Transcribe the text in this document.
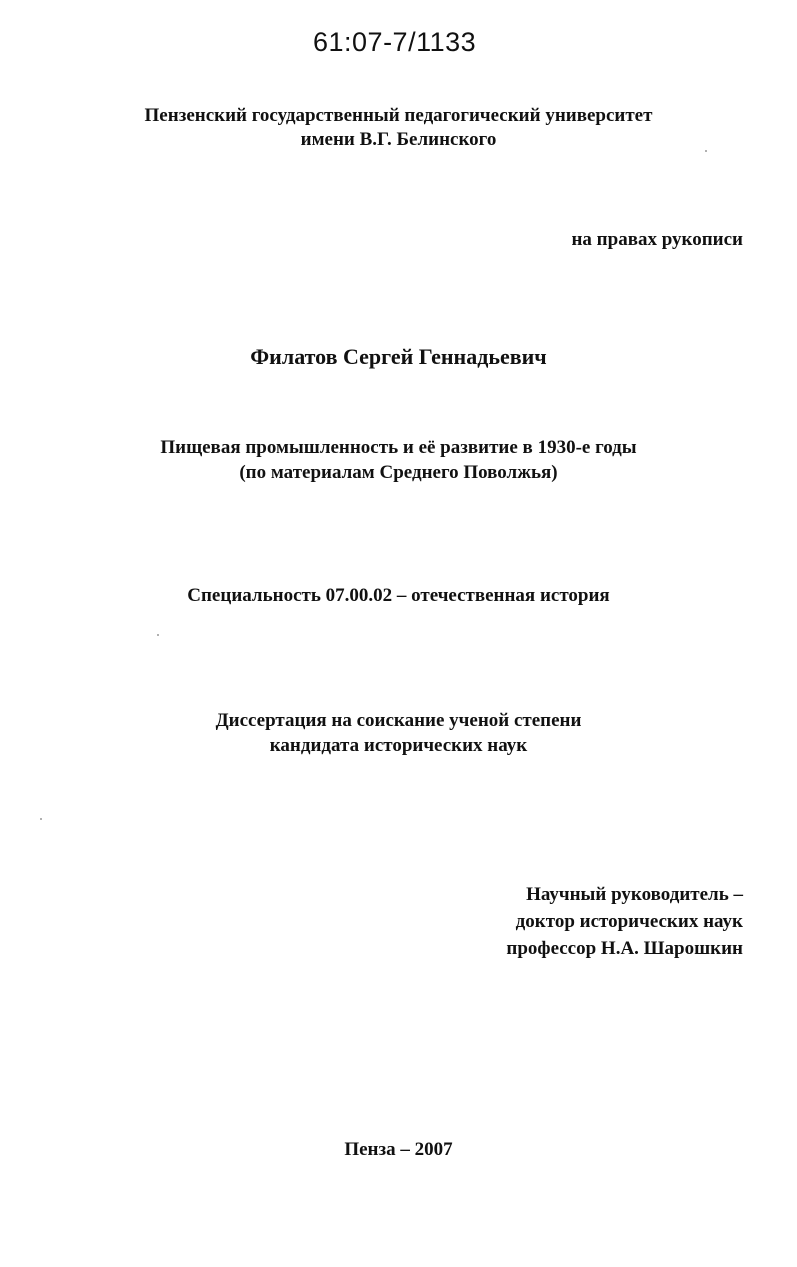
61:07-7/1133
Пензенский государственный педагогический университет
имени В.Г. Белинского
на правах рукописи
Филатов Сергей Геннадьевич
Пищевая промышленность и её развитие в 1930-е годы
(по материалам Среднего Поволжья)
Специальность 07.00.02 – отечественная история
Диссертация на соискание ученой степени
кандидата исторических наук
Научный руководитель –
доктор исторических наук
профессор Н.А. Шарошкин
Пенза – 2007
